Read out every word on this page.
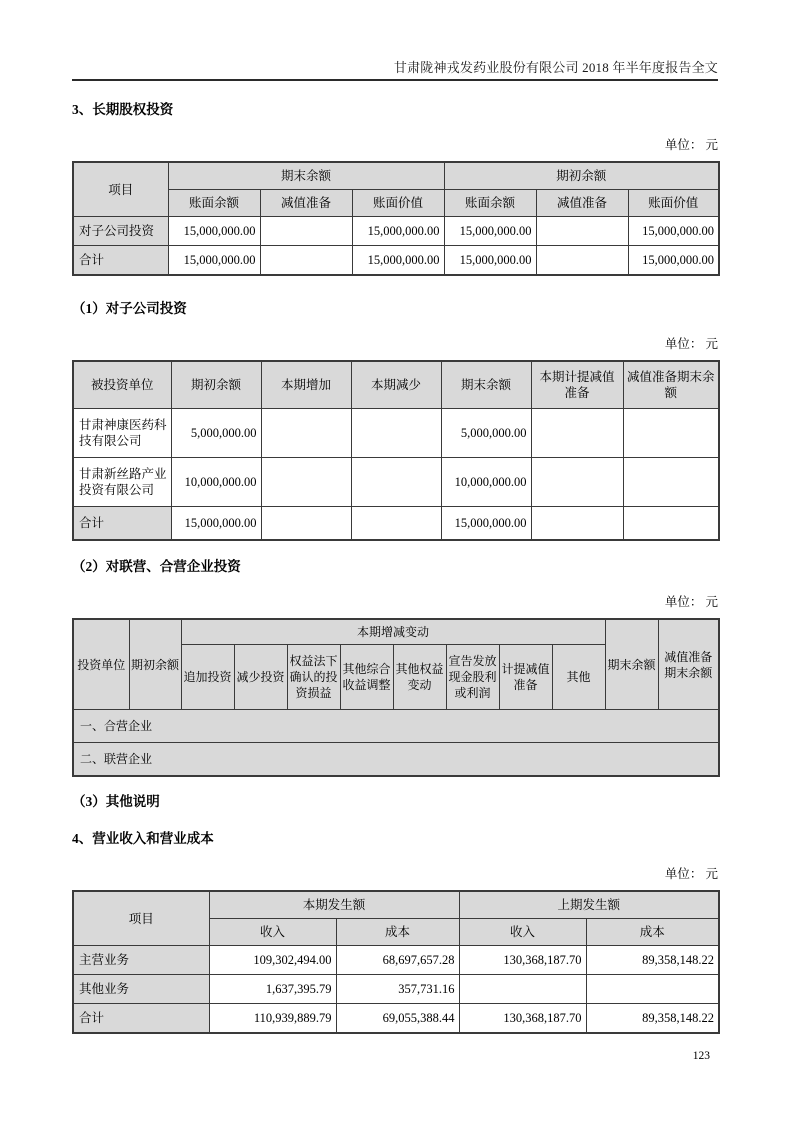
甘肃陇神戎发药业股份有限公司 2018 年半年度报告全文
3、长期股权投资
单位： 元
项目	期末余额			期初余额		
	账面余额	减值准备	账面价值	账面余额	减值准备	账面价值
对子公司投资	15,000,000.00		15,000,000.00	15,000,000.00		15,000,000.00
合计	15,000,000.00		15,000,000.00	15,000,000.00		15,000,000.00
（1）对子公司投资
单位： 元
被投资单位	期初余额	本期增加	本期减少	期末余额	本期计提减值准备	减值准备期末余额
甘肃神康医药科技有限公司	5,000,000.00			5,000,000.00		
甘肃新丝路产业投资有限公司	10,000,000.00			10,000,000.00		
合计	15,000,000.00			15,000,000.00		
（2）对联营、合营企业投资
单位： 元
投资单位	期初余额	本期增减变动								期末余额	减值准备期末余额
		追加投资	减少投资	权益法下确认的投资损益	其他综合收益调整	其他权益变动	宣告发放现金股利或利润	计提减值准备	其他		
一、合营企业											
二、联营企业											
（3）其他说明
4、营业收入和营业成本
单位： 元
项目	本期发生额		上期发生额	
	收入	成本	收入	成本
主营业务	109,302,494.00	68,697,657.28	130,368,187.70	89,358,148.22
其他业务	1,637,395.79	357,731.16		
合计	110,939,889.79	69,055,388.44	130,368,187.70	89,358,148.22
123
